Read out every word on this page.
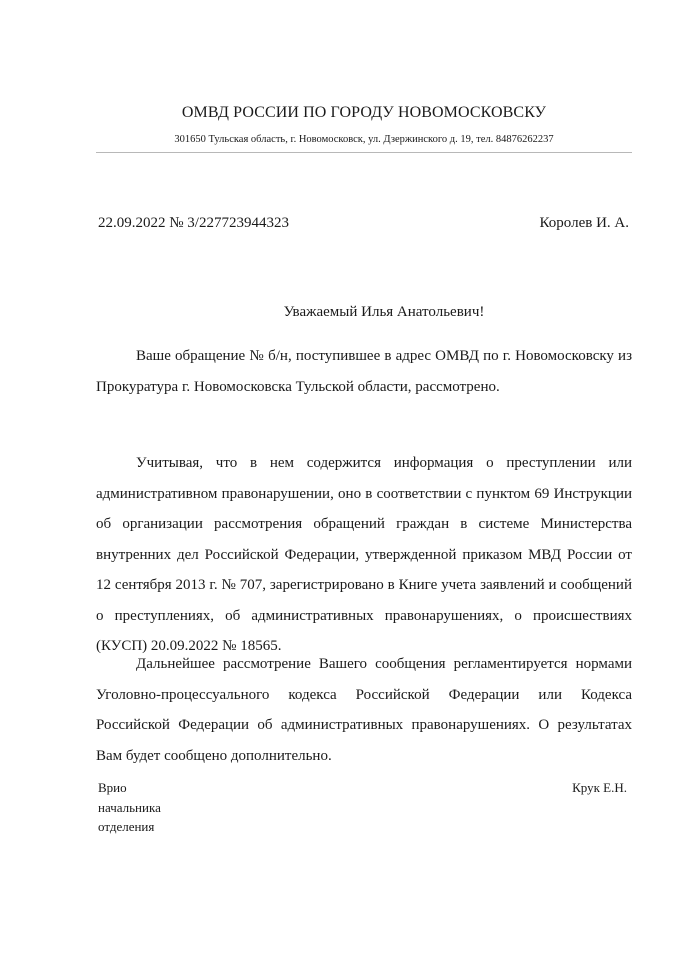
ОМВД РОССИИ ПО ГОРОДУ НОВОМОСКОВСКУ
301650 Тульская область, г. Новомосковск, ул. Дзержинского д. 19, тел. 84876262237
22.09.2022 № 3/227723944323	Королев И. А.
Уважаемый Илья Анатольевич!

Ваше обращение № б/н, поступившее в адрес ОМВД по г. Новомосковску из Прокуратура г. Новомосковска Тульской области, рассмотрено.

Учитывая, что в нем содержится информация о преступлении или административном правонарушении, оно в соответствии с пунктом 69 Инструкции об организации рассмотрения обращений граждан в системе Министерства внутренних дел Российской Федерации, утвержденной приказом МВД России от 12 сентября 2013 г. № 707, зарегистрировано в Книге учета заявлений и сообщений о преступлениях, об административных правонарушениях, о происшествиях (КУСП) 20.09.2022 № 18565.

Дальнейшее рассмотрение Вашего сообщения регламентируется нормами Уголовно-процессуального кодекса Российской Федерации или Кодекса Российской Федерации об административных правонарушениях. О результатах Вам будет сообщено дополнительно.

Врио
начальника
отделения
Крук Е.Н.
